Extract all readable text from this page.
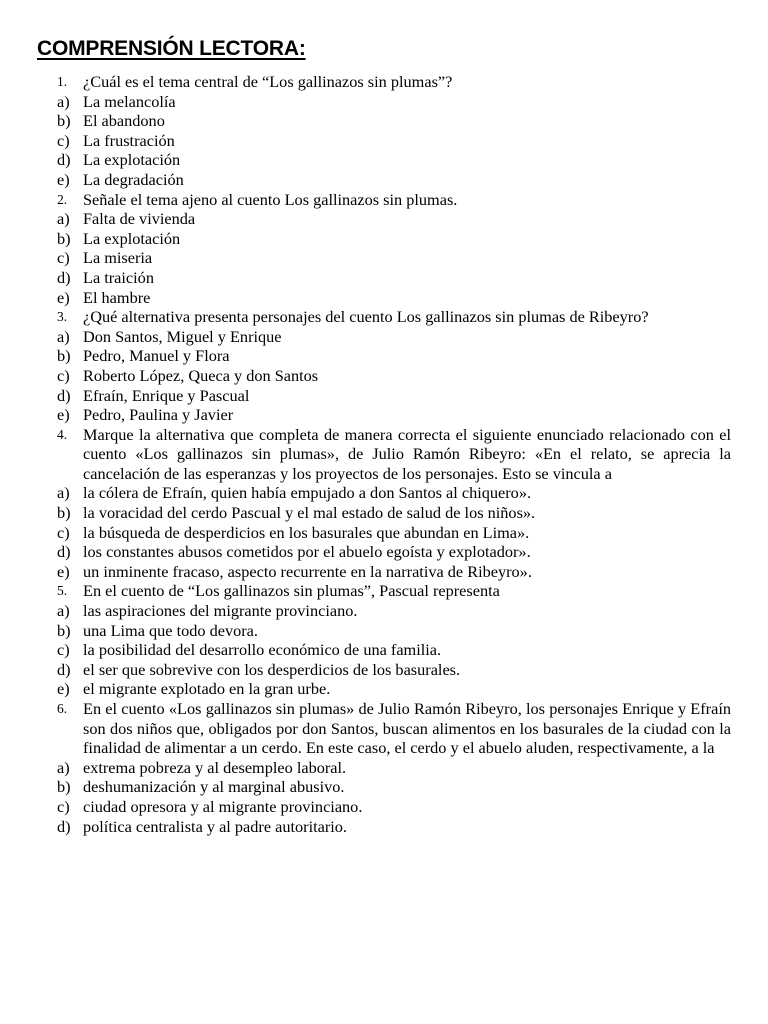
COMPRENSIÓN LECTORA:
1. ¿Cuál es el tema central de “Los gallinazos sin plumas”?
a) La melancolía
b) El abandono
c) La frustración
d) La explotación
e) La degradación
2. Señale el tema ajeno al cuento Los gallinazos sin plumas.
a) Falta de vivienda
b) La explotación
c) La miseria
d) La traición
e) El hambre
3. ¿Qué alternativa presenta personajes del cuento Los gallinazos sin plumas de Ribeyro?
a) Don Santos, Miguel y Enrique
b) Pedro, Manuel y Flora
c) Roberto López, Queca y don Santos
d) Efraín, Enrique y Pascual
e) Pedro, Paulina y Javier
4. Marque la alternativa que completa de manera correcta el siguiente enunciado relacionado con el cuento «Los gallinazos sin plumas», de Julio Ramón Ribeyro: «En el relato, se aprecia la cancelación de las esperanzas y los proyectos de los personajes. Esto se vincula a
a) la cólera de Efraín, quien había empujado a don Santos al chiquero».
b) la voracidad del cerdo Pascual y el mal estado de salud de los niños».
c) la búsqueda de desperdicios en los basurales que abundan en Lima».
d) los constantes abusos cometidos por el abuelo egoísta y explotador».
e) un inminente fracaso, aspecto recurrente en la narrativa de Ribeyro».
5. En el cuento de “Los gallinazos sin plumas”, Pascual representa
a) las aspiraciones del migrante provinciano.
b) una Lima que todo devora.
c) la posibilidad del desarrollo económico de una familia.
d) el ser que sobrevive con los desperdicios de los basurales.
e) el migrante explotado en la gran urbe.
6. En el cuento «Los gallinazos sin plumas» de Julio Ramón Ribeyro, los personajes Enrique y Efraín son dos niños que, obligados por don Santos, buscan alimentos en los basurales de la ciudad con la finalidad de alimentar a un cerdo. En este caso, el cerdo y el abuelo aluden, respectivamente, a la
a) extrema pobreza y al desempleo laboral.
b) deshumanización y al marginal abusivo.
c) ciudad opresora y al migrante provinciano.
d) política centralista y al padre autoritario.
